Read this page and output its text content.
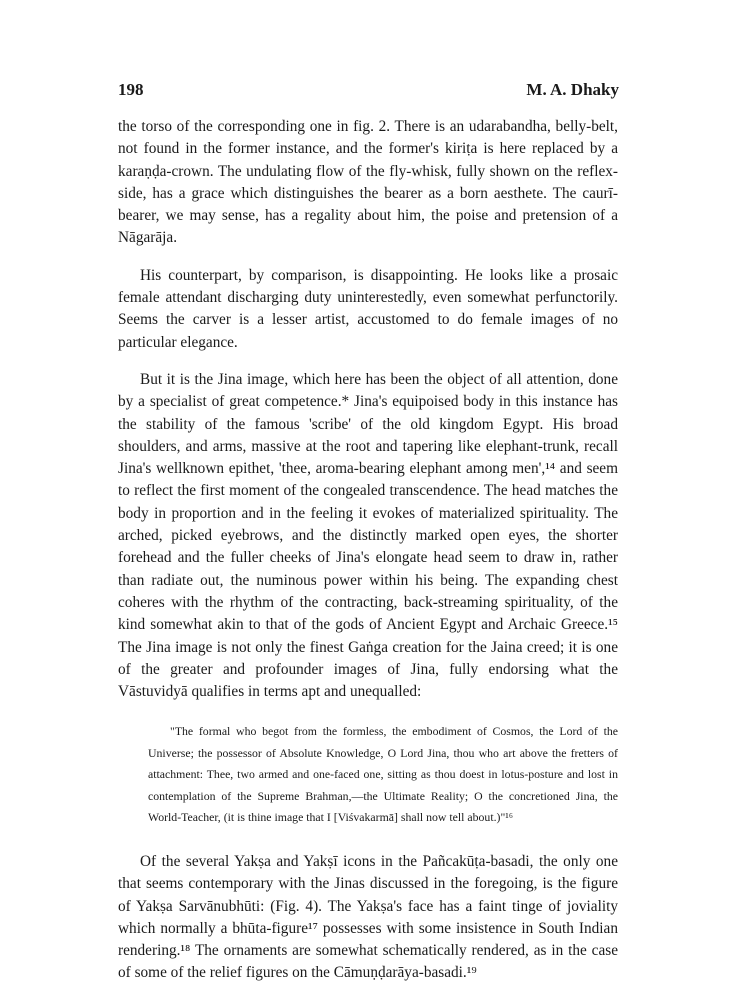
198	M. A. Dhaky

the torso of the corresponding one in fig. 2. There is an udarabandha, belly-belt, not found in the former instance, and the former's kiriṭa is here replaced by a karaṇḍa-crown. The undulating flow of the fly-whisk, fully shown on the reflex-side, has a grace which distinguishes the bearer as a born aesthete. The caurī-bearer, we may sense, has a regality about him, the poise and pretension of a Nāgarāja.

His counterpart, by comparison, is disappointing. He looks like a prosaic female attendant discharging duty uninterestedly, even somewhat perfunctorily. Seems the carver is a lesser artist, accustomed to do female images of no particular elegance.

But it is the Jina image, which here has been the object of all attention, done by a specialist of great competence.* Jina's equipoised body in this instance has the stability of the famous 'scribe' of the old kingdom Egypt. His broad shoulders, and arms, massive at the root and tapering like elephant-trunk, recall Jina's wellknown epithet, 'thee, aroma-bearing elephant among men',¹⁴ and seem to reflect the first moment of the congealed transcendence. The head matches the body in proportion and in the feeling it evokes of materialized spirituality. The arched, picked eyebrows, and the distinctly marked open eyes, the shorter forehead and the fuller cheeks of Jina's elongate head seem to draw in, rather than radiate out, the numinous power within his being. The expanding chest coheres with the rhythm of the contracting, back-streaming spirituality, of the kind somewhat akin to that of the gods of Ancient Egypt and Archaic Greece.¹⁵ The Jina image is not only the finest Gaṅga creation for the Jaina creed; it is one of the greater and profounder images of Jina, fully endorsing what the Vāstuvidyā qualifies in terms apt and unequalled:

"The formal who begot from the formless, the embodiment of Cosmos, the Lord of the Universe; the possessor of Absolute Knowledge, O Lord Jina, thou who art above the fretters of attachment: Thee, two armed and one-faced one, sitting as thou doest in lotus-posture and lost in contemplation of the Supreme Brahman,—the Ultimate Reality; O the concretioned Jina, the World-Teacher, (it is thine image that I [Viśvakarmā] shall now tell about.)"¹⁶

Of the several Yakṣa and Yakṣī icons in the Pañcakūṭa-basadi, the only one that seems contemporary with the Jinas discussed in the foregoing, is the figure of Yakṣa Sarvānubhūti: (Fig. 4). The Yakṣa's face has a faint tinge of joviality which normally a bhūta-figure¹⁷ possesses with some insistence in South Indian rendering.¹⁸ The ornaments are somewhat schematically rendered, as in the case of some of the relief figures on the Cāmuṇḍarāya-basadi.¹⁹
